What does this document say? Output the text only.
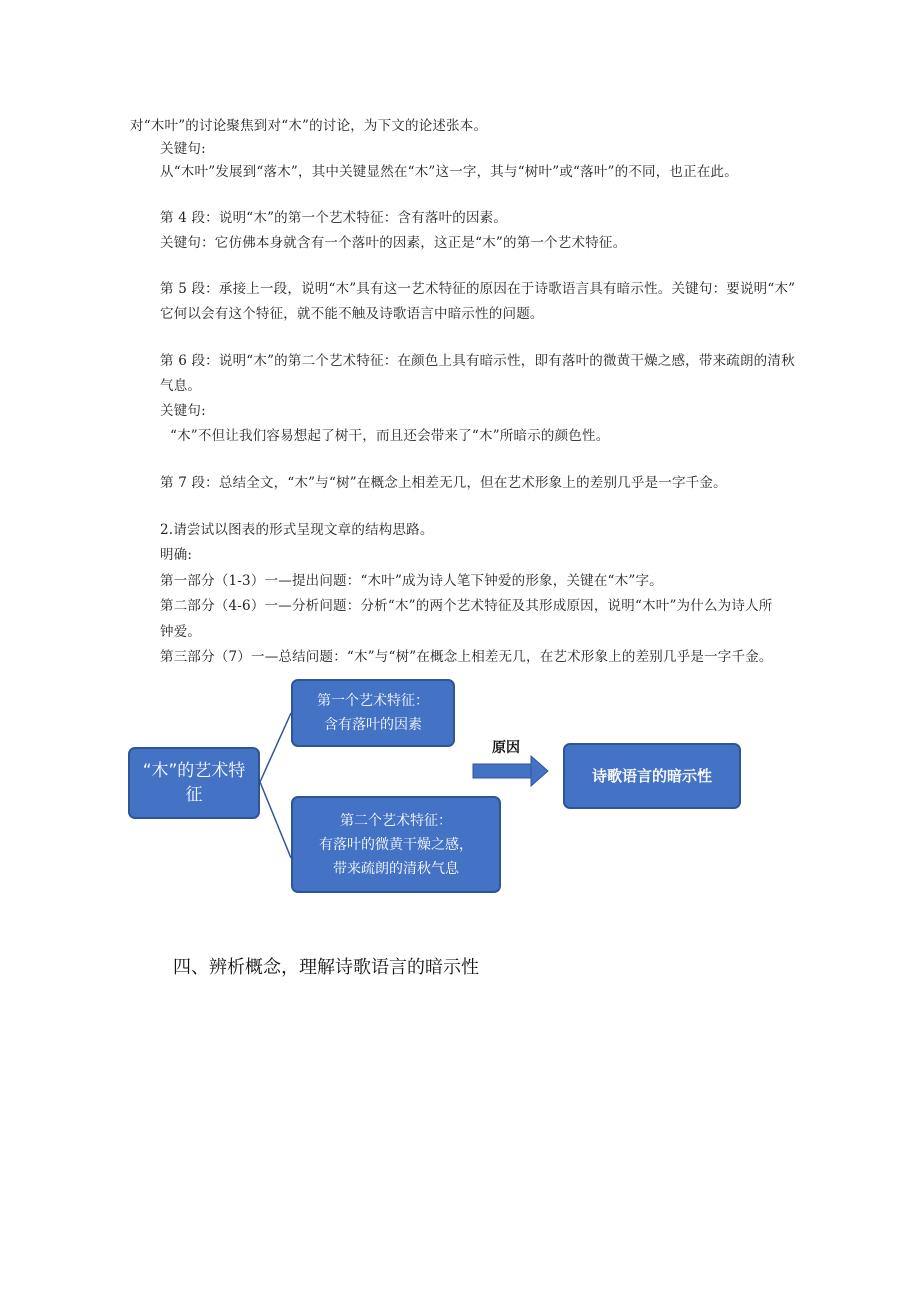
对“木叶”的讨论聚焦到对“木”的讨论，为下文的论述张本。
关键句:
从“木叶”发展到“落木”，其中关键显然在“木”这一字，其与“树叶”或“落叶”的不同，也正在此。
第 4 段：说明“木”的第一个艺术特征：含有落叶的因素。
关键句：它仿佛本身就含有一个落叶的因素，这正是“木”的第一个艺术特征。
第 5 段：承接上一段，说明“木”具有这一艺术特征的原因在于诗歌语言具有暗示性。关键句：要说明“木”
它何以会有这个特征，就不能不触及诗歌语言中暗示性的问题。
第 6 段：说明“木”的第二个艺术特征：在颜色上具有暗示性，即有落叶的微黄干燥之感，带来疏朗的清秋
气息。
关键句:
“木”不但让我们容易想起了树干，而且还会带来了“木”所暗示的颜色性。
第 7 段：总结全文，“木”与“树”在概念上相差无几，但在艺术形象上的差别几乎是一字千金。
2.请尝试以图表的形式呈现文章的结构思路。
明确:
第一部分（1-3）一—提出问题：“木叶”成为诗人笔下钟爱的形象，关键在“木”字。
第二部分（4-6）一—分析问题：分析“木”的两个艺术特征及其形成原因，说明“木叶”为什么为诗人所
钟爱。
第三部分（7）一—总结问题：“木”与“树”在概念上相差无几，在艺术形象上的差别几乎是一字千金。
“木”的艺术特
征
第一个艺术特征：
含有落叶的因素
第二个艺术特征：
有落叶的微黄干燥之感，
带来疏朗的清秋气息
原因
诗歌语言的暗示性
四、辨析概念，理解诗歌语言的暗示性
